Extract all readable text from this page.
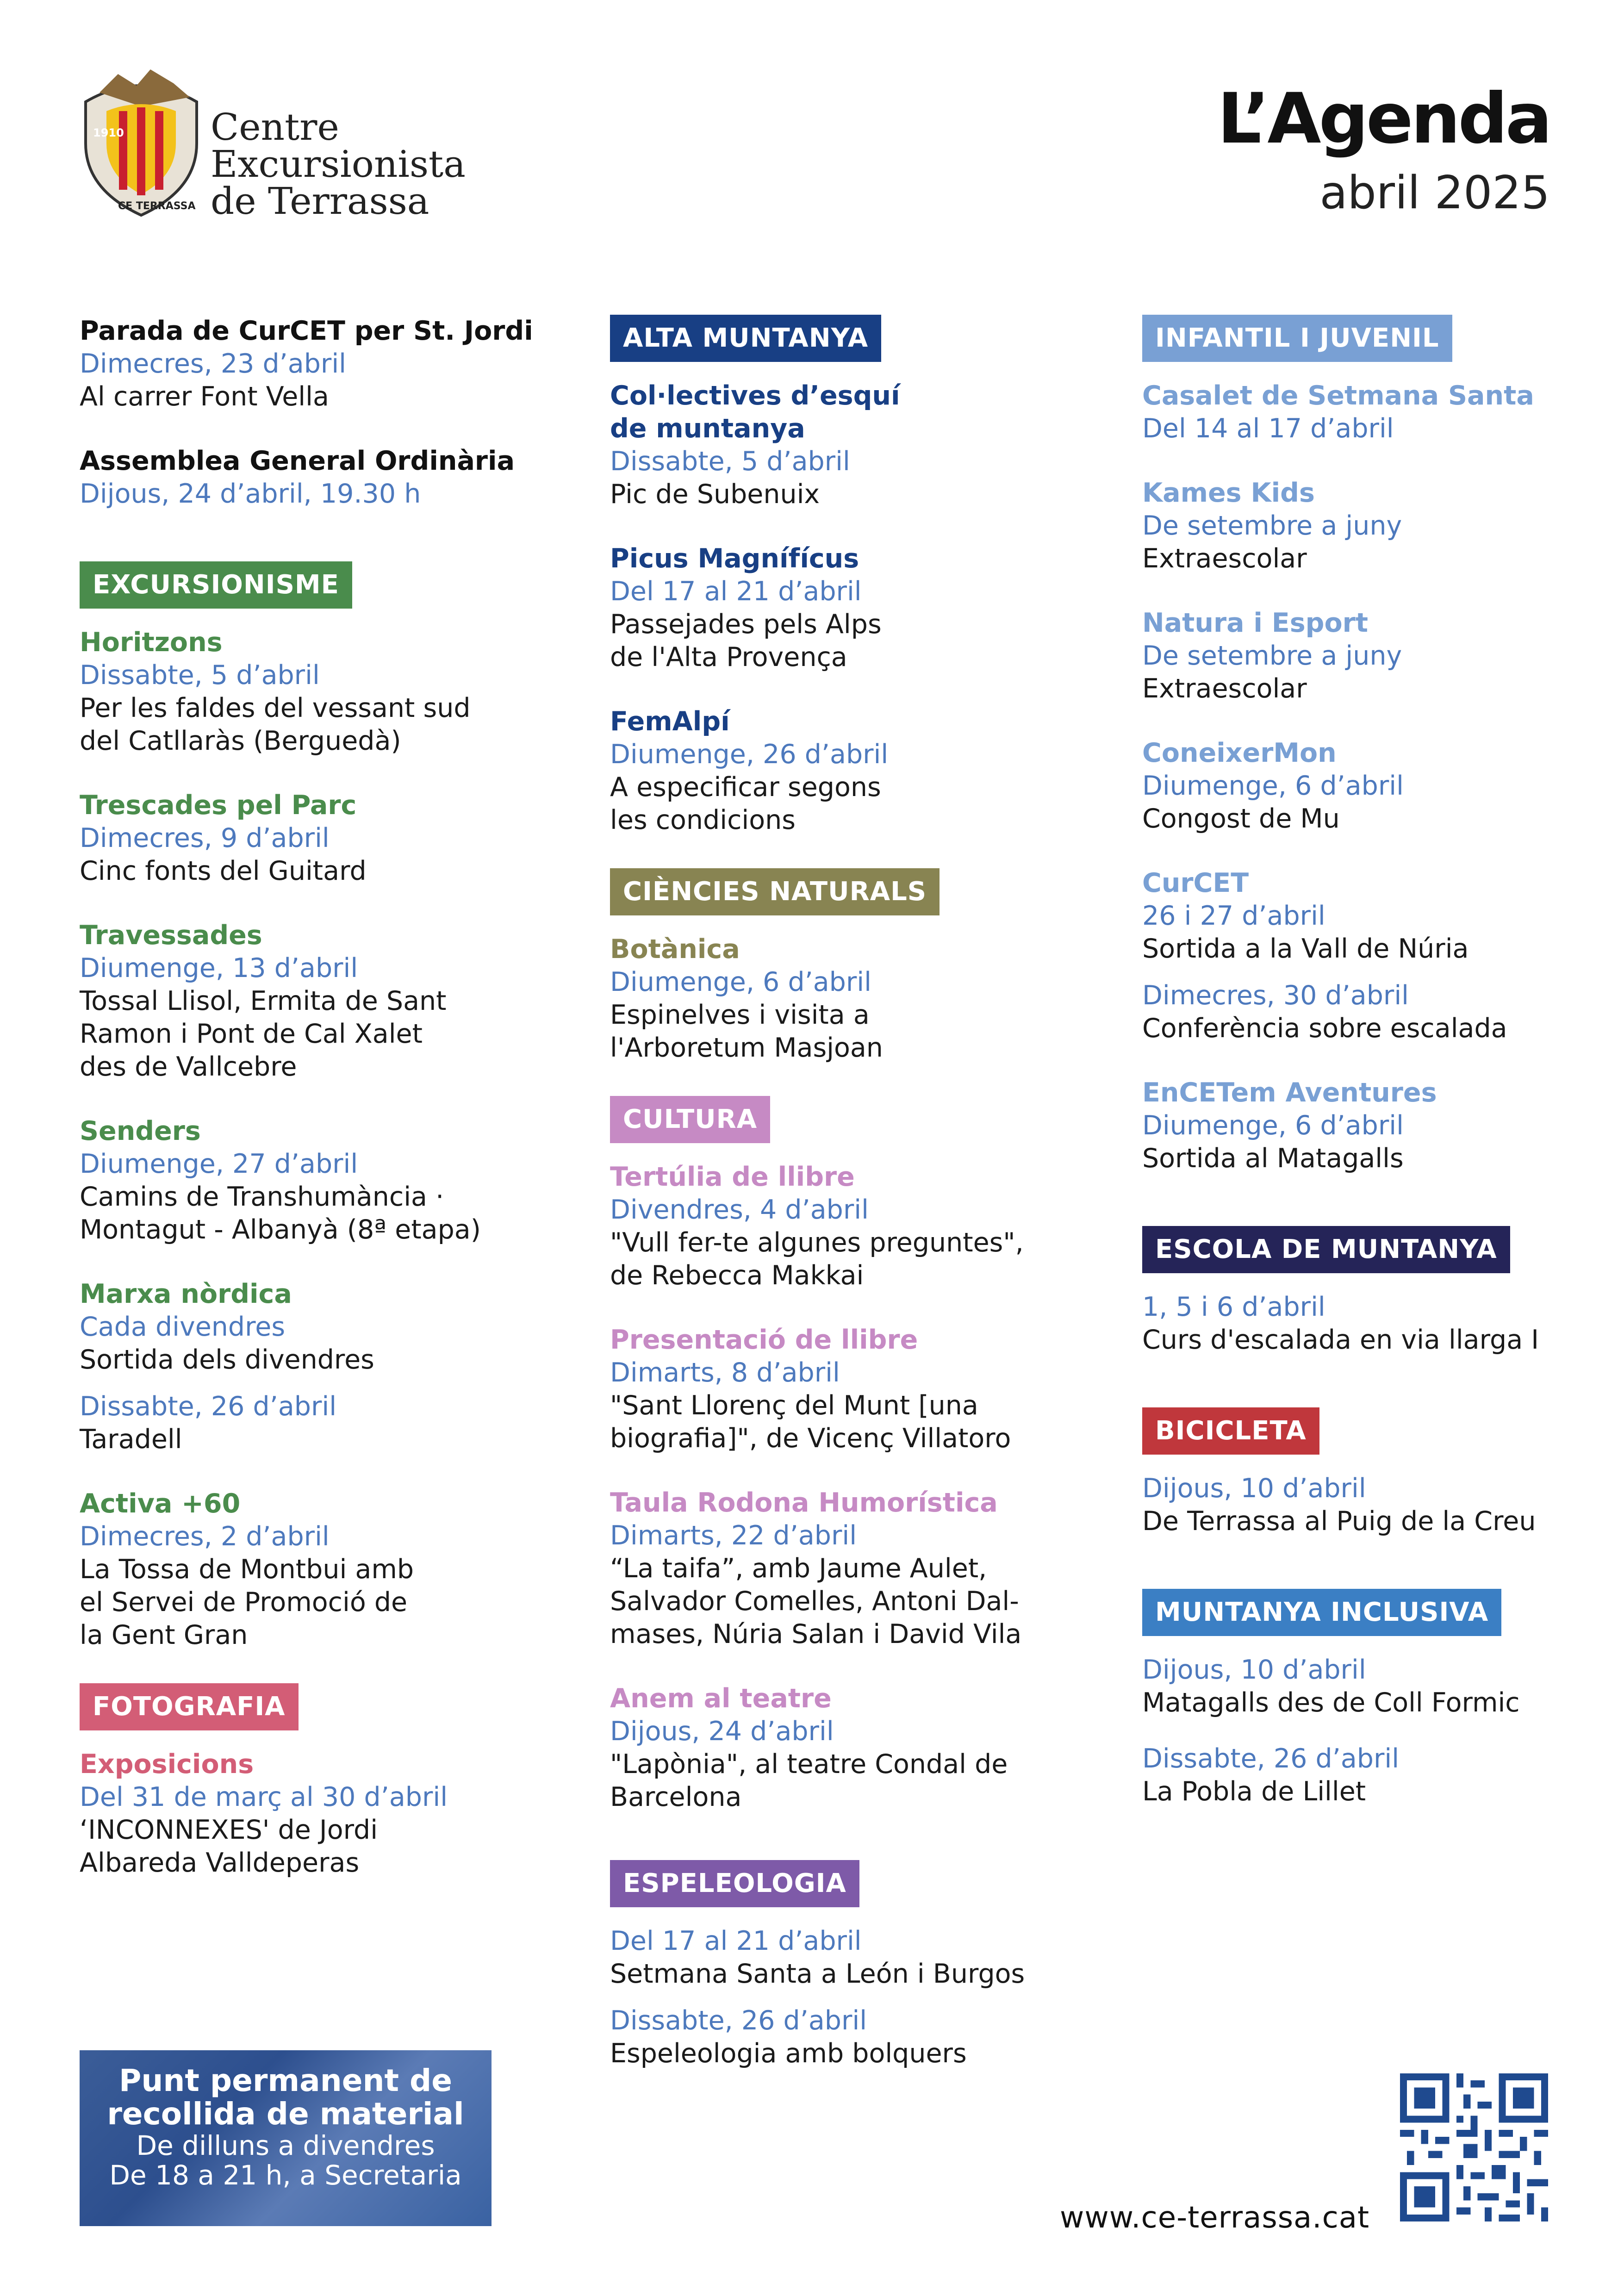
1910
CE TERRASSA
Centre
Excursionista
de Terrassa
L’Agenda
abril 2025
Parada de CurCET per St. Jordi
Dimecres, 23 d’abril
Al carrer Font Vella
Assemblea General Ordinària
Dijous, 24 d’abril, 19.30 h
EXCURSIONISME
Horitzons
Dissabte, 5 d’abril
Per les faldes del vessant sud
del Catllaràs (Berguedà)
Trescades pel Parc
Dimecres, 9 d’abril
Cinc fonts del Guitard
Travessades
Diumenge, 13 d’abril
Tossal Llisol, Ermita de Sant
Ramon i Pont de Cal Xalet
des de Vallcebre
Senders
Diumenge, 27 d’abril
Camins de Transhumància ·
Montagut - Albanyà (8ª etapa)
Marxa nòrdica
Cada divendres
Sortida dels divendres
Dissabte, 26 d’abril
Taradell
Activa +60
Dimecres, 2 d’abril
La Tossa de Montbui amb
el Servei de Promoció de
la Gent Gran
FOTOGRAFIA
Exposicions
Del 31 de març al 30 d’abril
‘INCONNEXES' de Jordi
Albareda Valldeperas
Punt permanent de
recollida de material
De dilluns a divendres
De 18 a 21 h, a Secretaria
ALTA MUNTANYA
Col·lectives d’esquí
de muntanya
Dissabte, 5 d’abril
Pic de Subenuix
Picus Magnífícus
Del 17 al 21 d’abril
Passejades pels Alps
de l'Alta Provença
FemAlpí
Diumenge, 26 d’abril
A especificar segons
les condicions
CIÈNCIES NATURALS
Botànica
Diumenge, 6 d’abril
Espinelves i visita a
l'Arboretum Masjoan
CULTURA
Tertúlia de llibre
Divendres, 4 d’abril
"Vull fer-te algunes preguntes",
de Rebecca Makkai
Presentació de llibre
Dimarts, 8 d’abril
"Sant Llorenç del Munt [una
biografia]", de Vicenç Villatoro
Taula Rodona Humorística
Dimarts, 22 d’abril
“La taifa”, amb Jaume Aulet,
Salvador Comelles, Antoni Dal-
mases, Núria Salan i David Vila
Anem al teatre
Dijous, 24 d’abril
"Lapònia", al teatre Condal de
Barcelona
ESPELEOLOGIA
Del 17 al 21 d’abril
Setmana Santa a León i Burgos
Dissabte, 26 d’abril
Espeleologia amb bolquers
INFANTIL I JUVENIL
Casalet de Setmana Santa
Del 14 al 17 d’abril
Kames Kids
De setembre a juny
Extraescolar
Natura i Esport
De setembre a juny
Extraescolar
ConeixerMon
Diumenge, 6 d’abril
Congost de Mu
CurCET
26 i 27 d’abril
Sortida a la Vall de Núria
Dimecres, 30 d’abril
Conferència sobre escalada
EnCETem Aventures
Diumenge, 6 d’abril
Sortida al Matagalls
ESCOLA DE MUNTANYA
1, 5 i 6 d’abril
Curs d'escalada en via llarga I
BICICLETA
Dijous, 10 d’abril
De Terrassa al Puig de la Creu
MUNTANYA INCLUSIVA
Dijous, 10 d’abril
Matagalls des de Coll Formic
Dissabte, 26 d’abril
La Pobla de Lillet
www.ce-terrassa.cat
